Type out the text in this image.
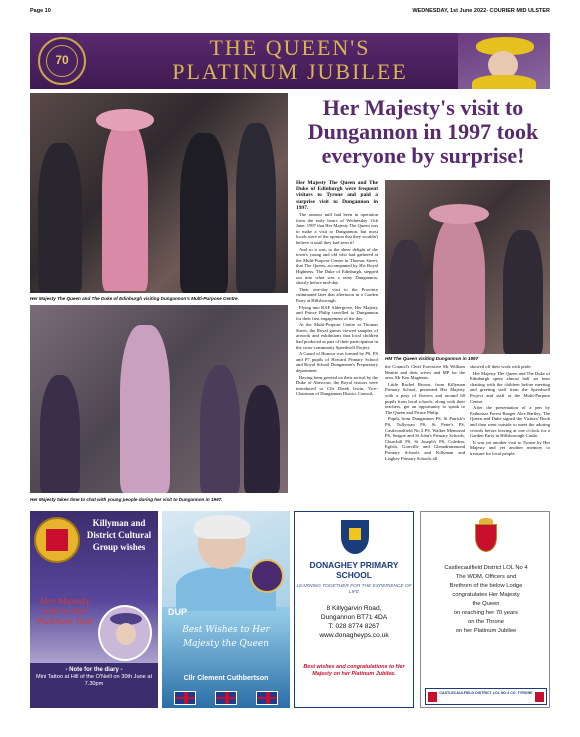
Page 10	WEDNESDAY, 1st June 2022- COURIER MID ULSTER
70	THE QUEEN'S
PLATINUM JUBILEE
Her Majesty The Queen and The Duke of Edinburgh visiting Dungannon's Multi-Purpose Centre.
Her Majesty takes time to chat with young people during her visit to Dungannon in 1997.
Her Majesty's visit to Dungannon in 1997 took everyone by surprise!

Her Majesty The Queen and The Duke of Edinburgh were frequent visitors to Tyrone and paid a surprise visit to Dungannon in 1997.

The rumour mill had been in operation from the early hours of Wednesday 11th June, 1997 that Her Majesty The Queen was to make a visit to Dungannon, but most locals were of the opinion that they wouldn't believe it until they had seen it!

And so it was, to the sheer delight of the town's young and old who had gathered at the Multi-Purpose Centre in Thomas Street, that The Queen, accompanied by His Royal Highness, The Duke of Edinburgh, stepped out into what was a rainy Dungannon, shortly before mid-day.

Their one-day visit to the Province culminated later that afternoon in a Garden Party at Hillsborough.

Flying into RAF Aldergrove, Her Majesty and Prince Philip travelled to Dungannon for their first engagement of the day.

At the Multi-Purpose Centre at Thomas Street, the Royal guests viewed samples of artwork and exhibitions that local children had produced as part of their participation in the cross-community Speedwell Project.

A Guard of Honour was formed by PS, PS and P7 pupils of Howard Primary School and Royal School Dungannon's Preparatory department.

Having been greeted on their arrival by the Duke of Abercorn, the Royal visitors were introduced to Cllr Derek Irwin, Vice-Chairman of Dungannon District Council,

HM The Queen visiting Dungannon in 1997

the Council's Chief Executive Mr William Beattie and their wives and MP for the area, Mr Ken Maginnis.

Little Rachel Brown, from Killyman Primary School, presented Her Majesty with a posy of flowers and around 60 pupils from local schools, along with their teachers, got an opportunity to speak to The Queen and Prince Philip.

Pupils from Dungannon PS, St Patrick's PS, Tullyroan PS, St Peter's PS, Castlecaulfield No 2 PS, Walker Memorial PS, Seagoe and St John's Primary Schools, Churchill PS, St Joseph's PS, Coledon, Eglish, Gortville and Glenadrummond Primary Schools and Killyman and Lisghey Primary Schools all

showed off their work with pride.

Her Majesty The Queen and The Duke of Edinburgh spent almost half an hour chatting with the children before meeting and greeting staff from the Speedwell Project and staff at the Multi-Purpose Centre.

After the presentation of a pen by Fathonsar Forest Ranger Alex Bartley, The Queen and Duke signed the Visitors' Book and then went outside to meet the adoring crowds before leaving at one o'clock for a Garden Party in Hillsborough Castle.

It was yet another visit to Tyrone by Her Majesty and yet another memory to treasure for local people.

Killyman and District Cultural Group wishes
Her Majesty well in Her Platinum Year
- Note for the diary -
Mini Tattoo at Hill of the O'Neill on 30th June at 7.30pm
DUP
Best Wishes to Her Majesty the Queen
Cllr Clement Cuthbertson
DONAGHEY PRIMARY SCHOOL
LEARNING TOGETHER FOR THE EXPERIENCE OF LIFE
8 Killygarvin Road,
Dungannon BT71 4DA
T: 028 8774 8267
www.donagheyps.co.uk
Best wishes and congratulations to Her Majesty on her Platinum Jubilee.
Castlecaulfield District LOL No 4
The WDM, Officers and
Brethren of the below Lodge
congratulates Her Majesty
the Queen
on reaching her 70 years
on the Throne
on her Platinum Jubilee
CASTLECAULFIELD DISTRICT LOL NO.4 CO. TYRONE
